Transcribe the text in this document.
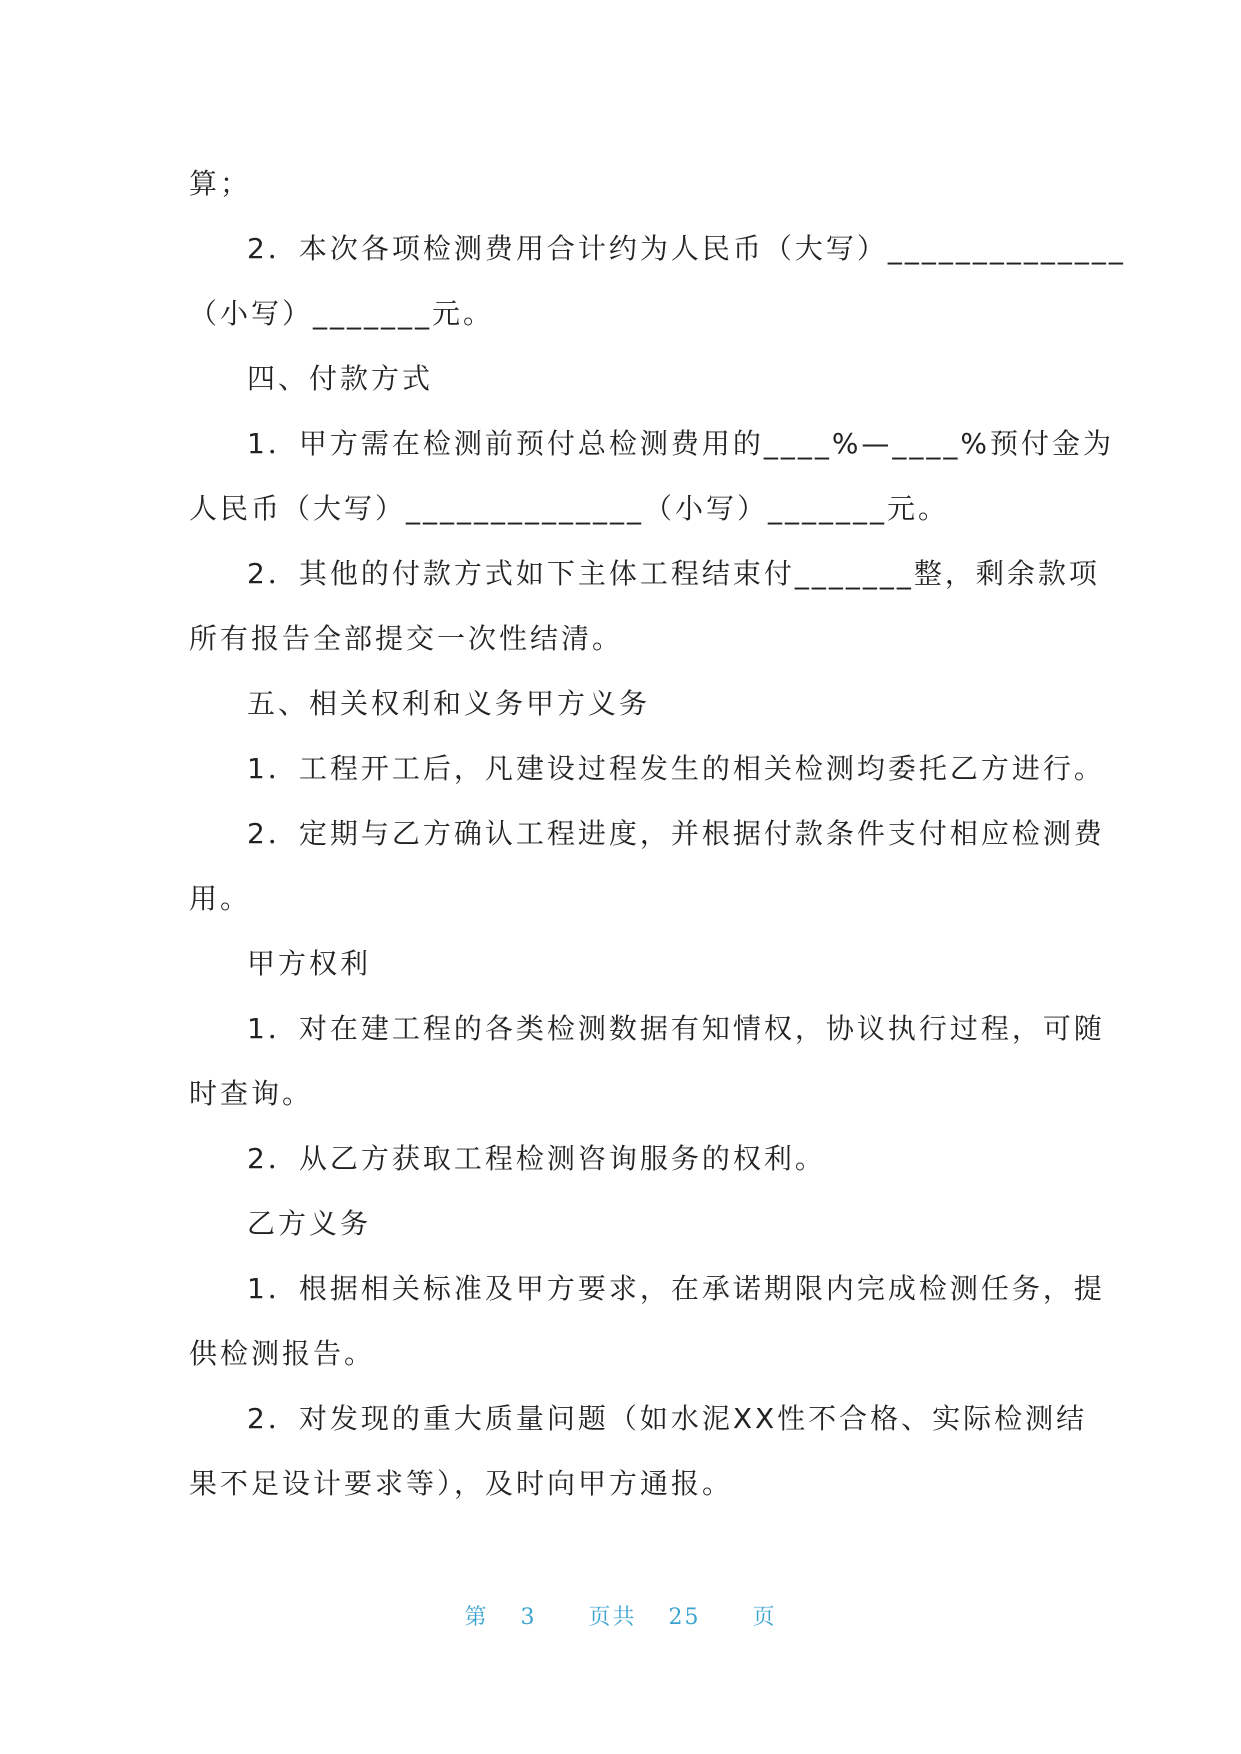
算；
2．本次各项检测费用合计约为人民币（大写）______________
（小写）_______元。
四、付款方式
1．甲方需在检测前预付总检测费用的____%—____%预付金为
人民币（大写）______________（小写）_______元。
2．其他的付款方式如下主体工程结束付_______整，剩余款项
所有报告全部提交一次性结清。
五、相关权利和义务甲方义务
1．工程开工后，凡建设过程发生的相关检测均委托乙方进行。
2．定期与乙方确认工程进度，并根据付款条件支付相应检测费
用。
甲方权利
1．对在建工程的各类检测数据有知情权，协议执行过程，可随
时查询。
2．从乙方获取工程检测咨询服务的权利。
乙方义务
1．根据相关标准及甲方要求，在承诺期限内完成检测任务，提
供检测报告。
2．对发现的重大质量问题（如水泥XX性不合格、实际检测结
果不足设计要求等），及时向甲方通报。
第 3 页共 25 页
